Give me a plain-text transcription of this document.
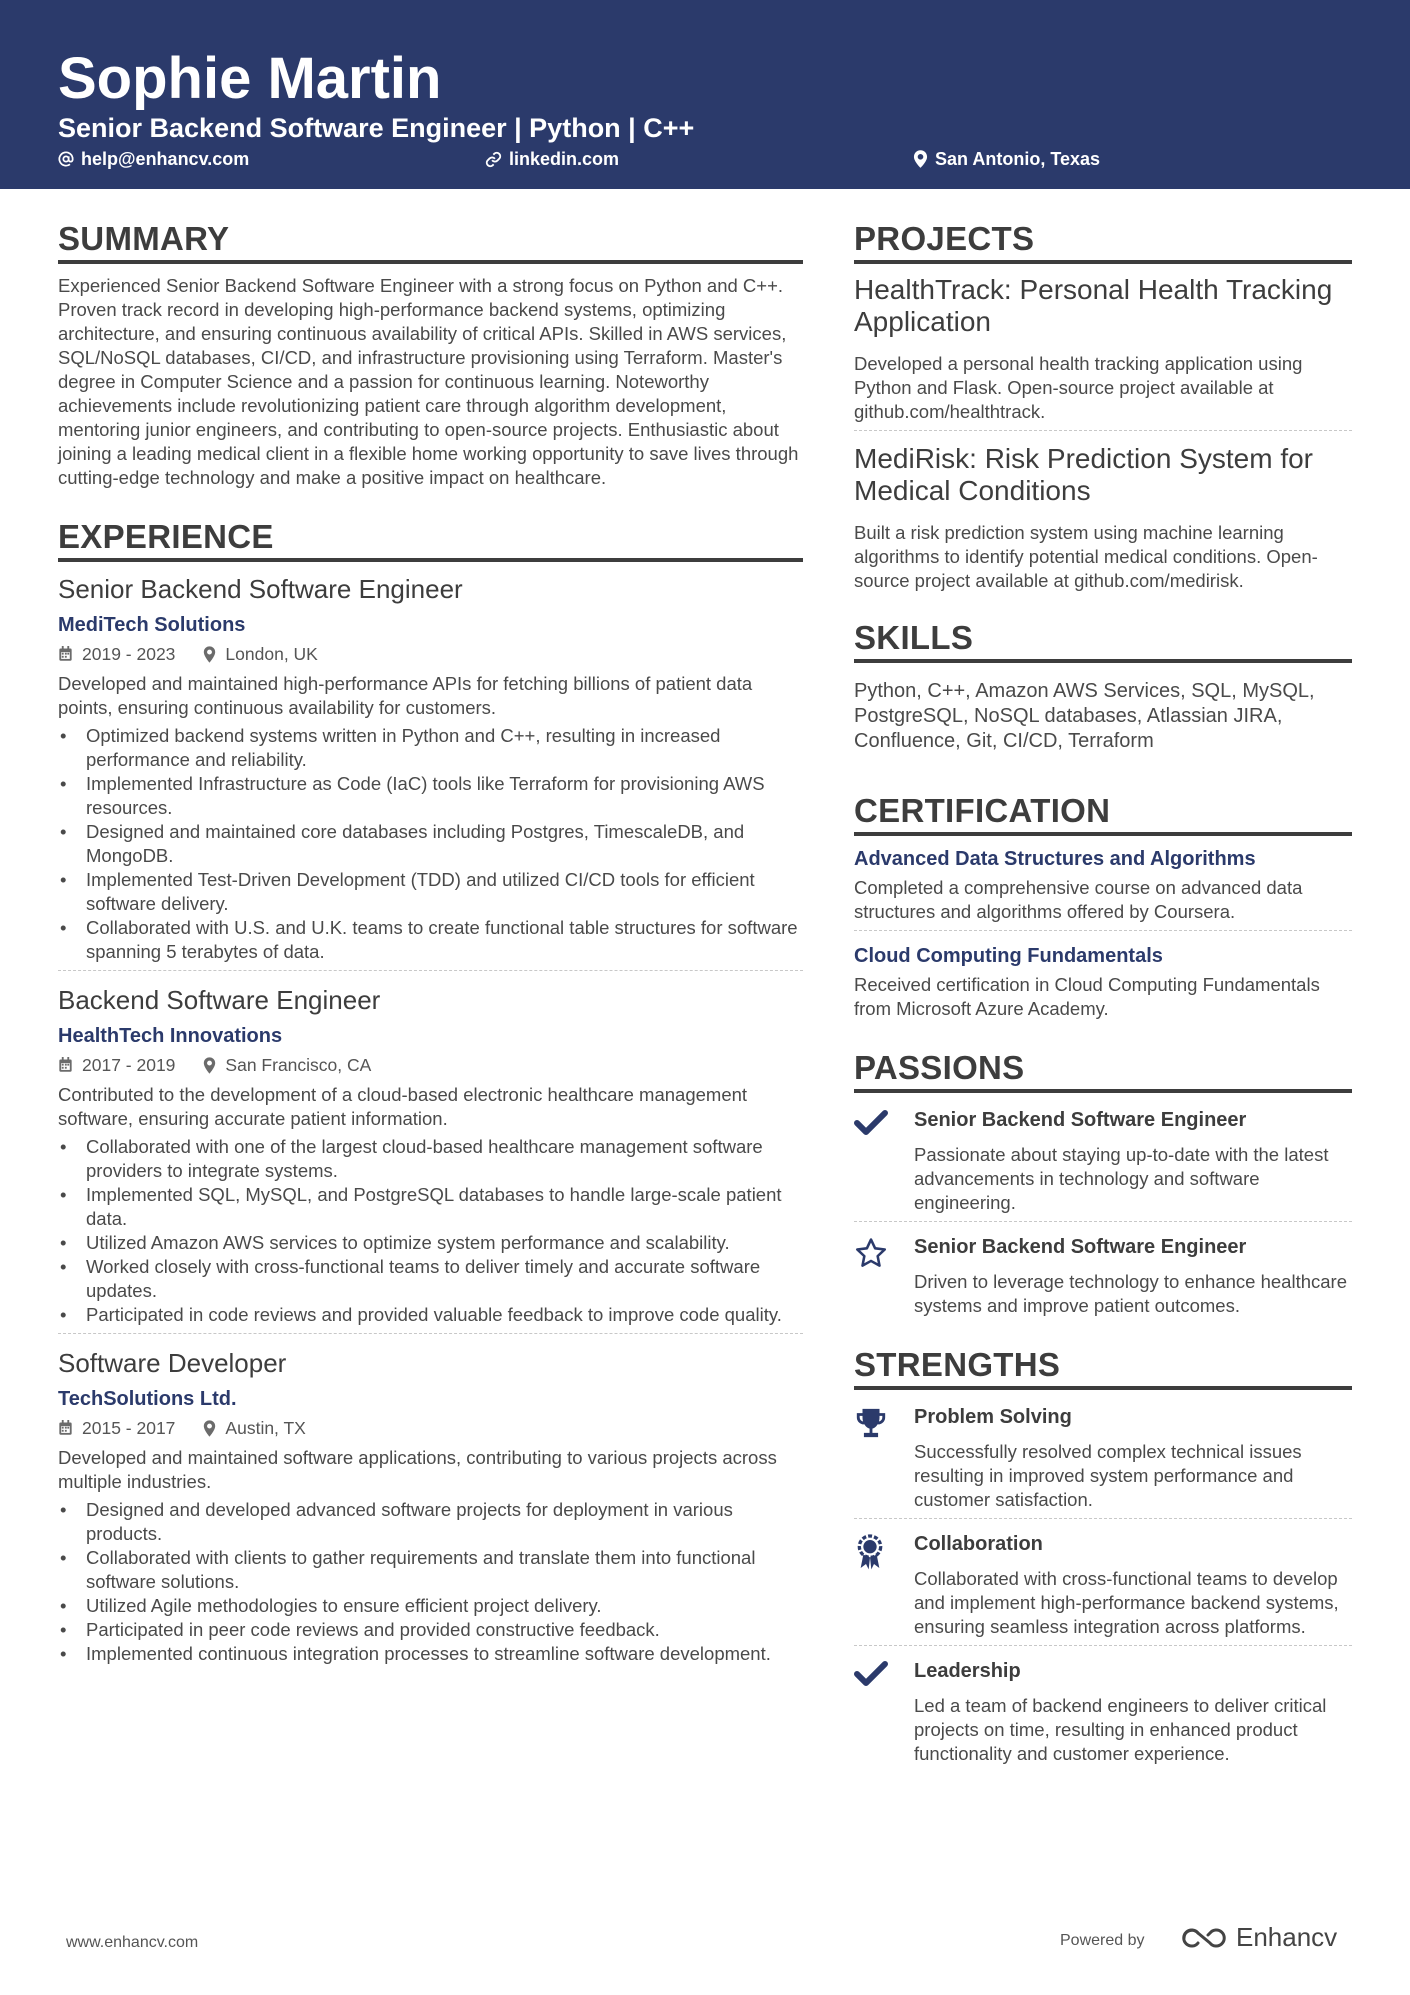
Sophie Martin
Senior Backend Software Engineer | Python | C++
help@enhancv.com	linkedin.com	San Antonio, Texas
SUMMARY

Experienced Senior Backend Software Engineer with a strong focus on Python and C++. Proven track record in developing high-performance backend systems, optimizing architecture, and ensuring continuous availability of critical APIs. Skilled in AWS services, SQL/NoSQL databases, CI/CD, and infrastructure provisioning using Terraform. Master's degree in Computer Science and a passion for continuous learning. Noteworthy achievements include revolutionizing patient care through algorithm development, mentoring junior engineers, and contributing to open-source projects. Enthusiastic about joining a leading medical client in a flexible home working opportunity to save lives through cutting-edge technology and make a positive impact on healthcare.

EXPERIENCE
Senior Backend Software Engineer
MediTech Solutions
2019 - 2023	London, UK

Developed and maintained high-performance APIs for fetching billions of patient data points, ensuring continuous availability for customers.

• Optimized backend systems written in Python and C++, resulting in increased performance and reliability.
• Implemented Infrastructure as Code (IaC) tools like Terraform for provisioning AWS resources.
• Designed and maintained core databases including Postgres, TimescaleDB, and MongoDB.
• Implemented Test-Driven Development (TDD) and utilized CI/CD tools for efficient software delivery.
• Collaborated with U.S. and U.K. teams to create functional table structures for software spanning 5 terabytes of data.
Backend Software Engineer
HealthTech Innovations
2017 - 2019	San Francisco, CA

Contributed to the development of a cloud-based electronic healthcare management software, ensuring accurate patient information.

• Collaborated with one of the largest cloud-based healthcare management software providers to integrate systems.
• Implemented SQL, MySQL, and PostgreSQL databases to handle large-scale patient data.
• Utilized Amazon AWS services to optimize system performance and scalability.
• Worked closely with cross-functional teams to deliver timely and accurate software updates.
• Participated in code reviews and provided valuable feedback to improve code quality.
Software Developer
TechSolutions Ltd.
2015 - 2017	Austin, TX

Developed and maintained software applications, contributing to various projects across multiple industries.

• Designed and developed advanced software projects for deployment in various products.
• Collaborated with clients to gather requirements and translate them into functional software solutions.
• Utilized Agile methodologies to ensure efficient project delivery.
• Participated in peer code reviews and provided constructive feedback.
• Implemented continuous integration processes to streamline software development.
PROJECTS
HealthTrack: Personal Health Tracking Application

Developed a personal health tracking application using Python and Flask. Open-source project available at github.com/healthtrack.

MediRisk: Risk Prediction System for Medical Conditions

Built a risk prediction system using machine learning algorithms to identify potential medical conditions. Open-source project available at github.com/medirisk.

SKILLS

Python, C++, Amazon AWS Services, SQL, MySQL, PostgreSQL, NoSQL databases, Atlassian JIRA, Confluence, Git, CI/CD, Terraform

CERTIFICATION
Advanced Data Structures and Algorithms

Completed a comprehensive course on advanced data structures and algorithms offered by Coursera.

Cloud Computing Fundamentals

Received certification in Cloud Computing Fundamentals from Microsoft Azure Academy.

PASSIONS
Senior Backend Software Engineer

Passionate about staying up-to-date with the latest advancements in technology and software engineering.

Senior Backend Software Engineer

Driven to leverage technology to enhance healthcare systems and improve patient outcomes.

STRENGTHS
Problem Solving

Successfully resolved complex technical issues resulting in improved system performance and customer satisfaction.

Collaboration

Collaborated with cross-functional teams to develop and implement high-performance backend systems, ensuring seamless integration across platforms.

Leadership

Led a team of backend engineers to deliver critical projects on time, resulting in enhanced product functionality and customer experience.

www.enhancv.com	Powered by	Enhancv
